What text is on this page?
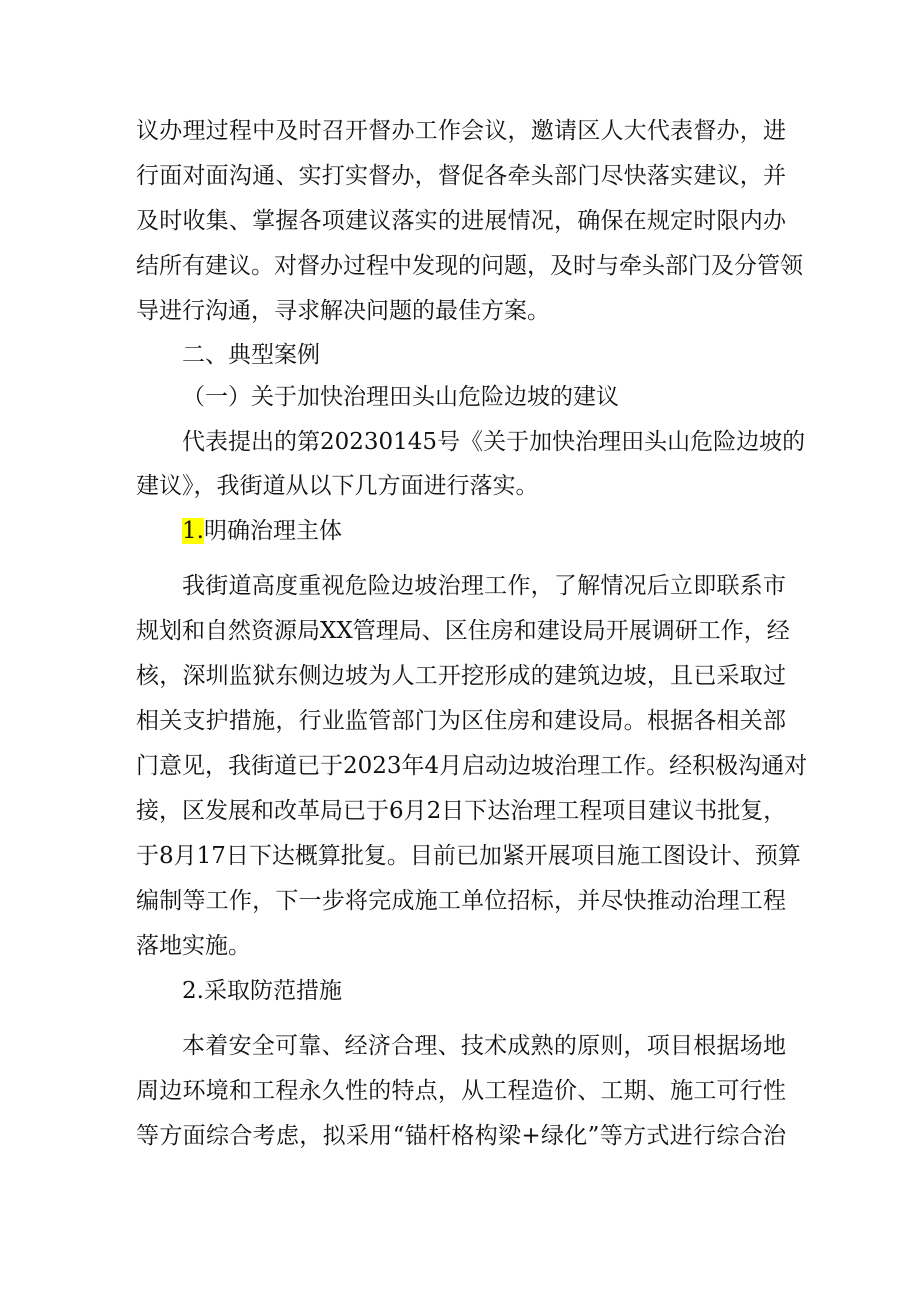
议办理过程中及时召开督办工作会议，邀请区人大代表督办，进
行面对面沟通、实打实督办，督促各牵头部门尽快落实建议，并
及时收集、掌握各项建议落实的进展情况，确保在规定时限内办
结所有建议。对督办过程中发现的问题，及时与牵头部门及分管领
导进行沟通，寻求解决问题的最佳方案。
二、典型案例
（一）关于加快治理田头山危险边坡的建议
代表提出的第20230145号《关于加快治理田头山危险边坡的
建议》，我街道从以下几方面进行落实。
1.明确治理主体
我街道高度重视危险边坡治理工作，了解情况后立即联系市
规划和自然资源局XX管理局、区住房和建设局开展调研工作，经
核，深圳监狱东侧边坡为人工开挖形成的建筑边坡，且已采取过
相关支护措施，行业监管部门为区住房和建设局。根据各相关部
门意见，我街道已于2023年4月启动边坡治理工作。经积极沟通对
接，区发展和改革局已于6月2日下达治理工程项目建议书批复，
于8月17日下达概算批复。目前已加紧开展项目施工图设计、预算
编制等工作，下一步将完成施工单位招标，并尽快推动治理工程
落地实施。
2.采取防范措施
本着安全可靠、经济合理、技术成熟的原则，项目根据场地
周边环境和工程永久性的特点，从工程造价、工期、施工可行性
等方面综合考虑，拟采用“锚杆格构梁+绿化”等方式进行综合治
